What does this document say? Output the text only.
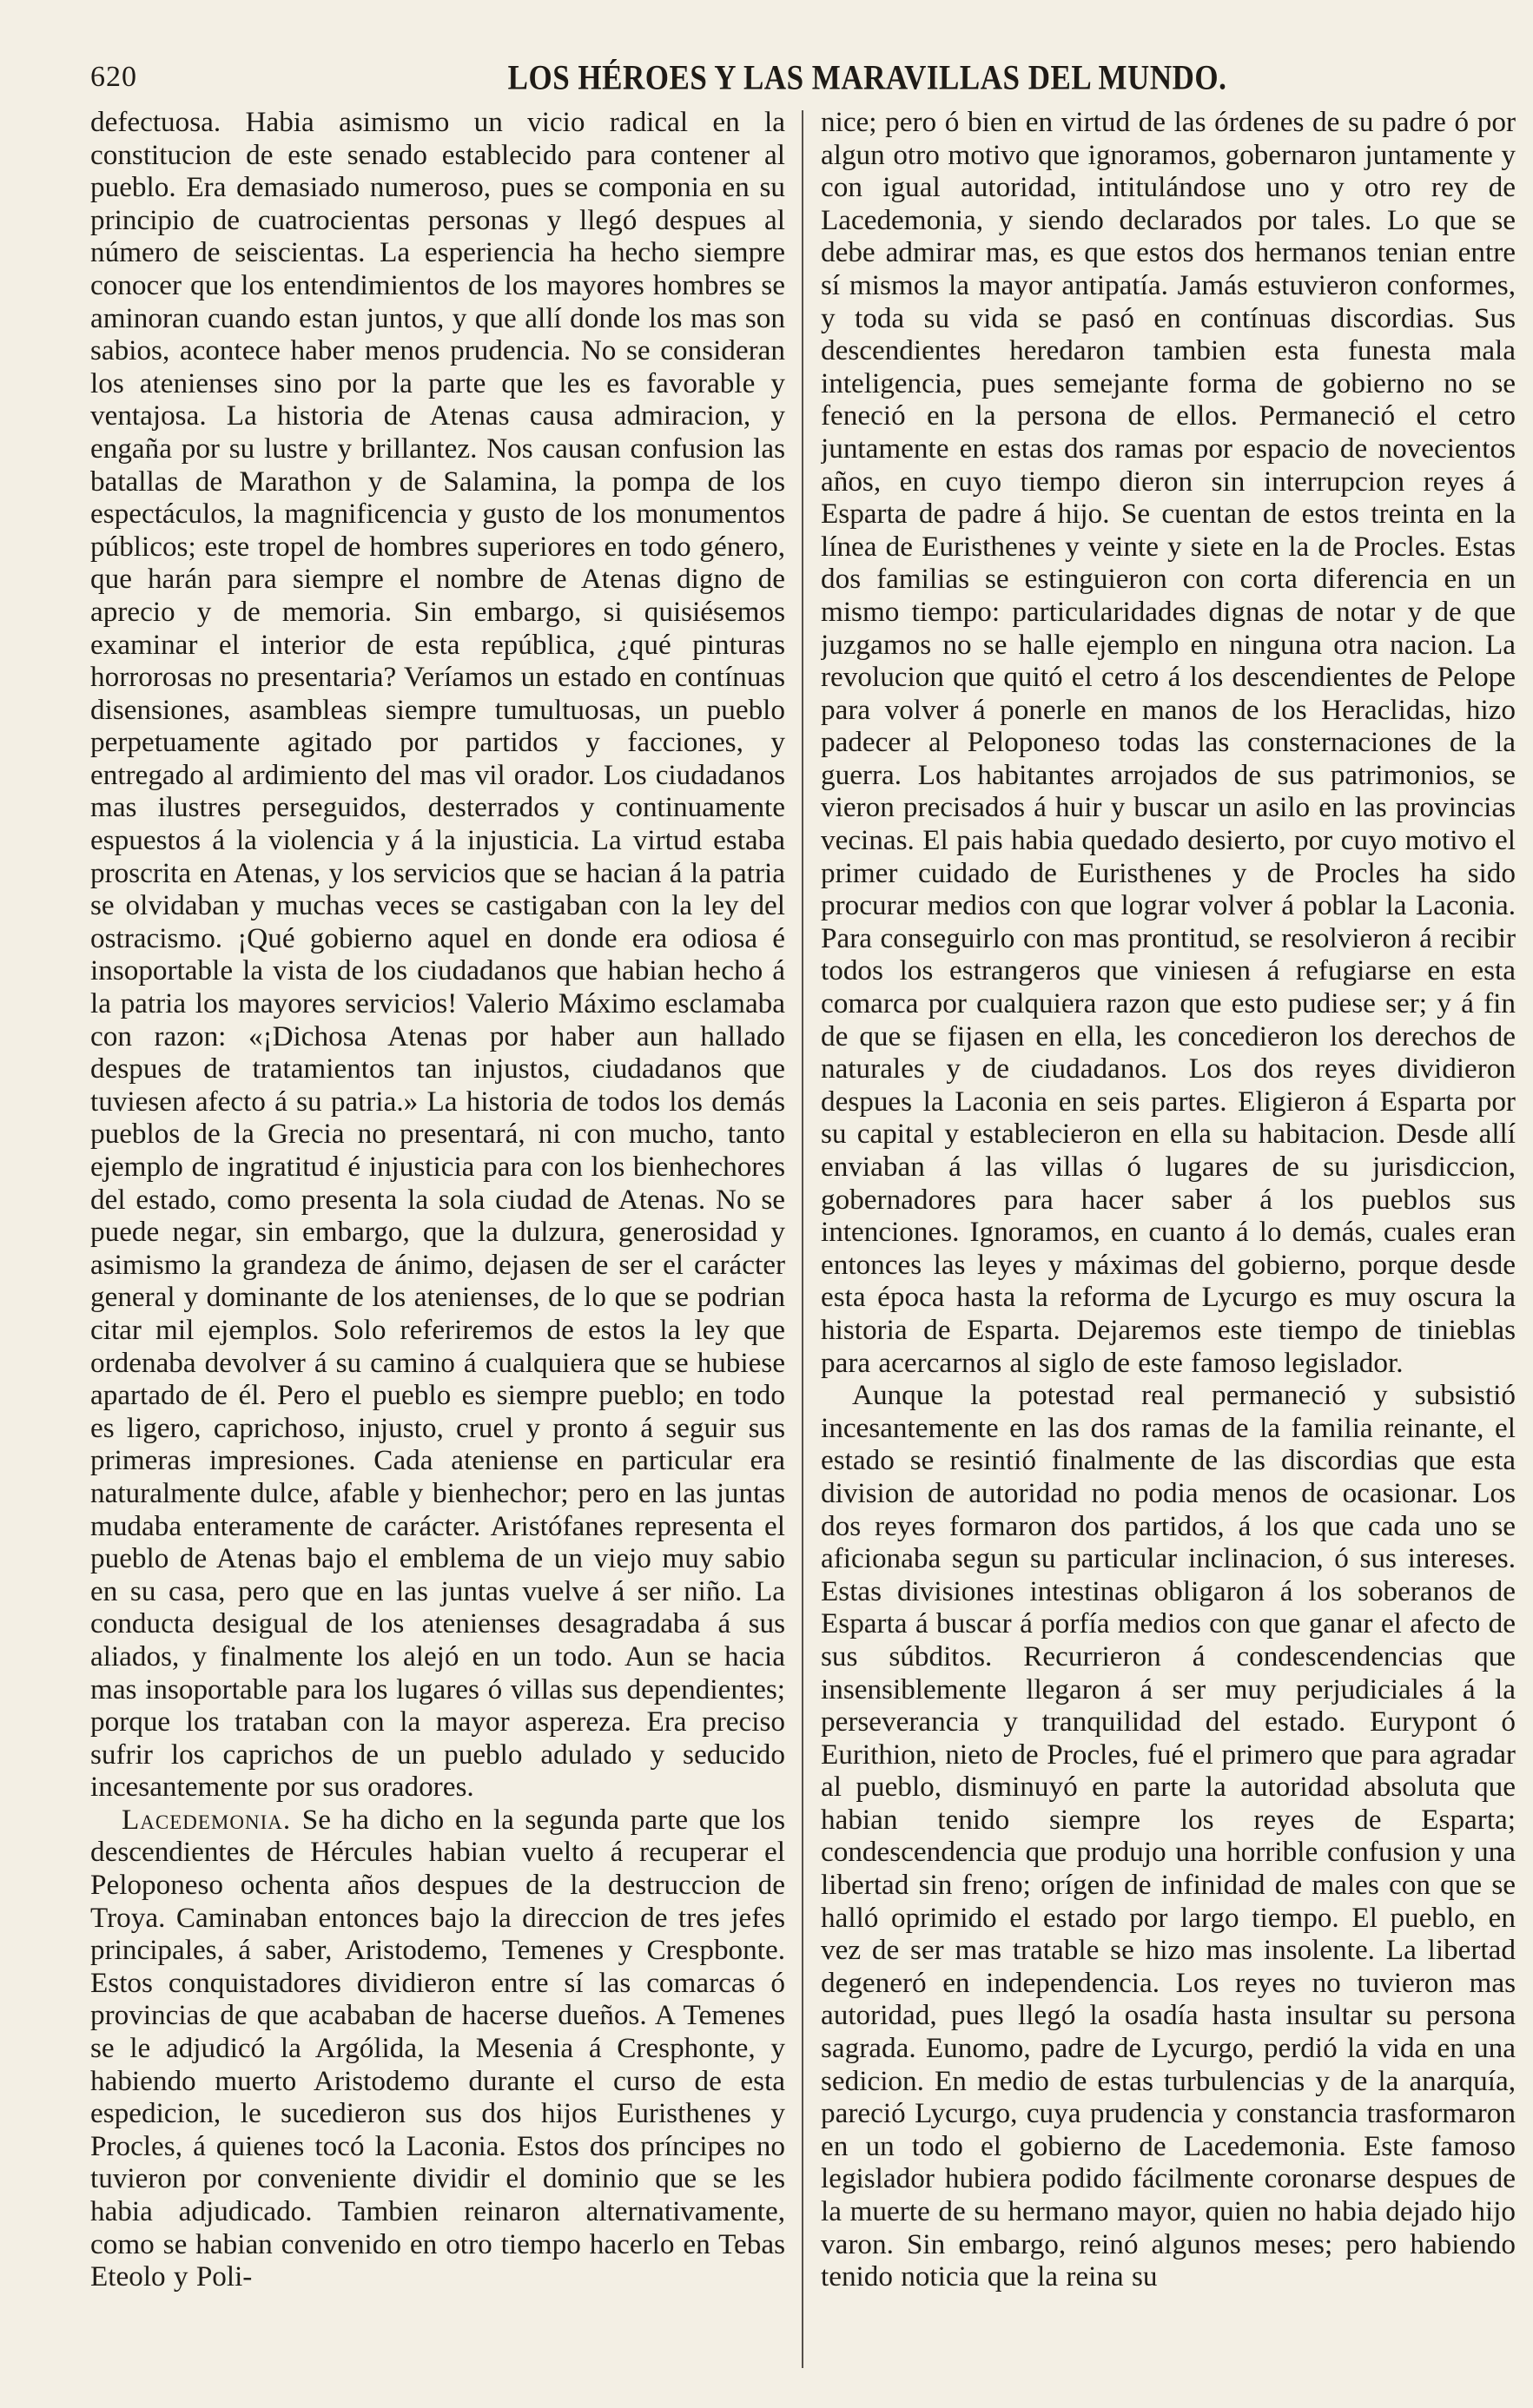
620	LOS HÉROES Y LAS MARAVILLAS DEL MUNDO.

defectuosa. Habia asimismo un vicio radical en la constitucion de este senado establecido para contener al pueblo. Era demasiado numeroso, pues se componia en su principio de cuatrocientas personas y llegó despues al número de seiscientas. La esperiencia ha hecho siempre conocer que los entendimientos de los mayores hombres se aminoran cuando estan juntos, y que allí donde los mas son sabios, acontece haber menos prudencia. No se consideran los atenienses sino por la parte que les es favorable y ventajosa. La historia de Atenas causa admiracion, y engaña por su lustre y brillantez. Nos causan confusion las batallas de Marathon y de Salamina, la pompa de los espectáculos, la magnificencia y gusto de los monumentos públicos; este tropel de hombres superiores en todo género, que harán para siempre el nombre de Atenas digno de aprecio y de memoria. Sin embargo, si quisiésemos examinar el interior de esta república, ¿qué pinturas horrorosas no presentaria? Veríamos un estado en contínuas disensiones, asambleas siempre tumultuosas, un pueblo perpetuamente agitado por partidos y facciones, y entregado al ardimiento del mas vil orador. Los ciudadanos mas ilustres perseguidos, desterrados y continuamente espuestos á la violencia y á la injusticia. La virtud estaba proscrita en Atenas, y los servicios que se hacian á la patria se olvidaban y muchas veces se castigaban con la ley del ostracismo. ¡Qué gobierno aquel en donde era odiosa é insoportable la vista de los ciudadanos que habian hecho á la patria los mayores servicios! Valerio Máximo esclamaba con razon: «¡Dichosa Atenas por haber aun hallado despues de tratamientos tan injustos, ciudadanos que tuviesen afecto á su patria.» La historia de todos los demás pueblos de la Grecia no presentará, ni con mucho, tanto ejemplo de ingratitud é injusticia para con los bienhechores del estado, como presenta la sola ciudad de Atenas. No se puede negar, sin embargo, que la dulzura, generosidad y asimismo la grandeza de ánimo, dejasen de ser el carácter general y dominante de los atenienses, de lo que se podrian citar mil ejemplos. Solo referiremos de estos la ley que ordenaba devolver á su camino á cualquiera que se hubiese apartado de él. Pero el pueblo es siempre pueblo; en todo es ligero, caprichoso, injusto, cruel y pronto á seguir sus primeras impresiones. Cada ateniense en particular era naturalmente dulce, afable y bienhechor; pero en las juntas mudaba enteramente de carácter. Aristófanes representa el pueblo de Atenas bajo el emblema de un viejo muy sabio en su casa, pero que en las juntas vuelve á ser niño. La conducta desigual de los atenienses desagradaba á sus aliados, y finalmente los alejó en un todo. Aun se hacia mas insoportable para los lugares ó villas sus dependientes; porque los trataban con la mayor aspereza. Era preciso sufrir los caprichos de un pueblo adulado y seducido incesantemente por sus oradores.

Lacedemonia. Se ha dicho en la segunda parte que los descendientes de Hércules habian vuelto á recuperar el Peloponeso ochenta años despues de la destruccion de Troya. Caminaban entonces bajo la direccion de tres jefes principales, á saber, Aristodemo, Temenes y Crespbonte. Estos conquistadores dividieron entre sí las comarcas ó provincias de que acababan de hacerse dueños. A Temenes se le adjudicó la Argólida, la Mesenia á Cresphonte, y habiendo muerto Aristodemo durante el curso de esta espedicion, le sucedieron sus dos hijos Euristhenes y Procles, á quienes tocó la Laconia. Estos dos príncipes no tuvieron por conveniente dividir el dominio que se les habia adjudicado. Tambien reinaron alternativamente, como se habian convenido en otro tiempo hacerlo en Tebas Eteolo y Poli-

nice; pero ó bien en virtud de las órdenes de su padre ó por algun otro motivo que ignoramos, gobernaron juntamente y con igual autoridad, intitulándose uno y otro rey de Lacedemonia, y siendo declarados por tales. Lo que se debe admirar mas, es que estos dos hermanos tenian entre sí mismos la mayor antipatía. Jamás estuvieron conformes, y toda su vida se pasó en contínuas discordias. Sus descendientes heredaron tambien esta funesta mala inteligencia, pues semejante forma de gobierno no se feneció en la persona de ellos. Permaneció el cetro juntamente en estas dos ramas por espacio de novecientos años, en cuyo tiempo dieron sin interrupcion reyes á Esparta de padre á hijo. Se cuentan de estos treinta en la línea de Euristhenes y veinte y siete en la de Procles. Estas dos familias se estinguieron con corta diferencia en un mismo tiempo: particularidades dignas de notar y de que juzgamos no se halle ejemplo en ninguna otra nacion. La revolucion que quitó el cetro á los descendientes de Pelope para volver á ponerle en manos de los Heraclidas, hizo padecer al Peloponeso todas las consternaciones de la guerra. Los habitantes arrojados de sus patrimonios, se vieron precisados á huir y buscar un asilo en las provincias vecinas. El pais habia quedado desierto, por cuyo motivo el primer cuidado de Euristhenes y de Procles ha sido procurar medios con que lograr volver á poblar la Laconia. Para conseguirlo con mas prontitud, se resolvieron á recibir todos los estrangeros que viniesen á refugiarse en esta comarca por cualquiera razon que esto pudiese ser; y á fin de que se fijasen en ella, les concedieron los derechos de naturales y de ciudadanos. Los dos reyes dividieron despues la Laconia en seis partes. Eligieron á Esparta por su capital y establecieron en ella su habitacion. Desde allí enviaban á las villas ó lugares de su jurisdiccion, gobernadores para hacer saber á los pueblos sus intenciones. Ignoramos, en cuanto á lo demás, cuales eran entonces las leyes y máximas del gobierno, porque desde esta época hasta la reforma de Lycurgo es muy oscura la historia de Esparta. Dejaremos este tiempo de tinieblas para acercarnos al siglo de este famoso legislador.

Aunque la potestad real permaneció y subsistió incesantemente en las dos ramas de la familia reinante, el estado se resintió finalmente de las discordias que esta division de autoridad no podia menos de ocasionar. Los dos reyes formaron dos partidos, á los que cada uno se aficionaba segun su particular inclinacion, ó sus intereses. Estas divisiones intestinas obligaron á los soberanos de Esparta á buscar á porfía medios con que ganar el afecto de sus súbditos. Recurrieron á condescendencias que insensiblemente llegaron á ser muy perjudiciales á la perseverancia y tranquilidad del estado. Eurypont ó Eurithion, nieto de Procles, fué el primero que para agradar al pueblo, disminuyó en parte la autoridad absoluta que habian tenido siempre los reyes de Esparta; condescendencia que produjo una horrible confusion y una libertad sin freno; orígen de infinidad de males con que se halló oprimido el estado por largo tiempo. El pueblo, en vez de ser mas tratable se hizo mas insolente. La libertad degeneró en independencia. Los reyes no tuvieron mas autoridad, pues llegó la osadía hasta insultar su persona sagrada. Eunomo, padre de Lycurgo, perdió la vida en una sedicion. En medio de estas turbulencias y de la anarquía, pareció Lycurgo, cuya prudencia y constancia trasformaron en un todo el gobierno de Lacedemonia. Este famoso legislador hubiera podido fácilmente coronarse despues de la muerte de su hermano mayor, quien no habia dejado hijo varon. Sin embargo, reinó algunos meses; pero habiendo tenido noticia que la reina su
